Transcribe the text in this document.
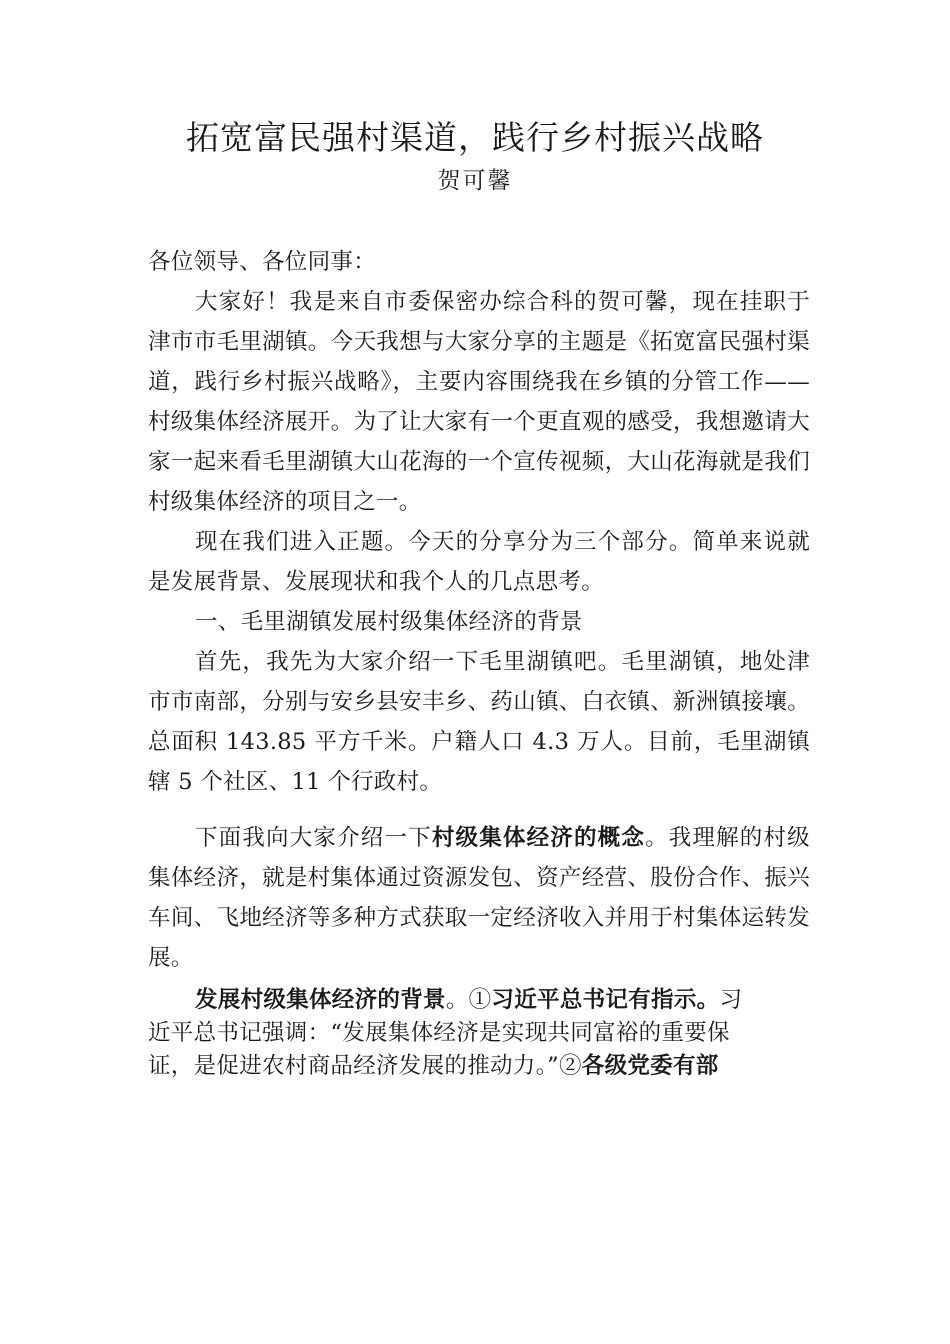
拓宽富民强村渠道，践行乡村振兴战略
贺可馨

各位领导、各位同事：

大家好！我是来自市委保密办综合科的贺可馨，现在挂职于津市市毛里湖镇。今天我想与大家分享的主题是《拓宽富民强村渠道，践行乡村振兴战略》，主要内容围绕我在乡镇的分管工作——村级集体经济展开。为了让大家有一个更直观的感受，我想邀请大家一起来看毛里湖镇大山花海的一个宣传视频，大山花海就是我们村级集体经济的项目之一。

现在我们进入正题。今天的分享分为三个部分。简单来说就是发展背景、发展现状和我个人的几点思考。

一、毛里湖镇发展村级集体经济的背景

首先，我先为大家介绍一下毛里湖镇吧。毛里湖镇，地处津市市南部，分别与安乡县安丰乡、药山镇、白衣镇、新洲镇接壤。总面积 143.85 平方千米。户籍人口 4.3 万人。目前，毛里湖镇辖 5 个社区、11 个行政村。

下面我向大家介绍一下村级集体经济的概念。我理解的村级集体经济，就是村集体通过资源发包、资产经营、股份合作、振兴车间、飞地经济等多种方式获取一定经济收入并用于村集体运转发展。

发展村级集体经济的背景。①习近平总书记有指示。习
近平总书记强调：“发展集体经济是实现共同富裕的重要保
证，是促进农村商品经济发展的推动力。”②各级党委有部
